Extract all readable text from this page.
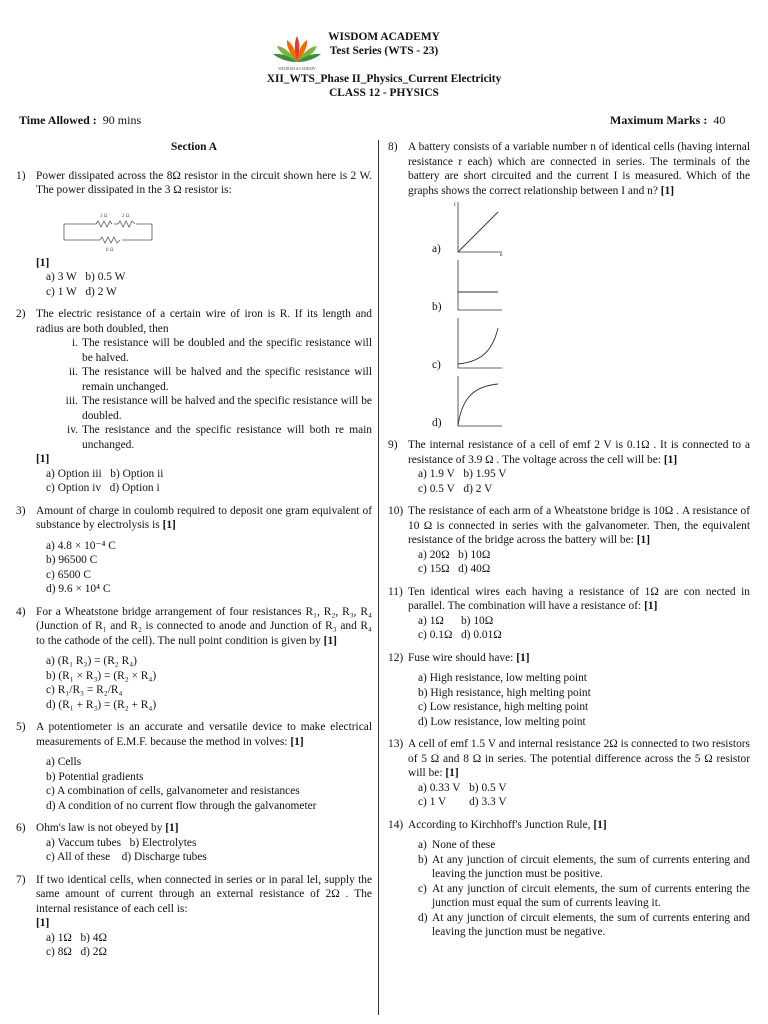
WISDOM ACADEMY
Test Series (WTS - 23)
XII_WTS_Phase II_Physics_Current Electricity
CLASS 12 - PHYSICS
WISDOM ACADEMY
Time Allowed : 90 mins	Maximum Marks : 40
Section A
1) Power dissipated across the 8Ω resistor in the circuit shown here is 2 W. The power dissipated in the 3 Ω resistor is:
3 Ω	2 Ω
8 Ω
[1]
a) 3 W b) 0.5 W
c) 1 W d) 2 W
2) The electric resistance of a certain wire of iron is R. If its length and radius are both doubled, then
i. The resistance will be doubled and the specific resistance will be halved.
ii. The resistance will be halved and the specific resistance will remain unchanged.
iii. The resistance will be halved and the specific resistance will be doubled.
iv. The resistance and the specific resistance will both re main unchanged.
[1]
a) Option iii b) Option ii
c) Option iv d) Option i
3) Amount of charge in coulomb required to deposit one gram equivalent of substance by electrolysis is [1]
a) 4.8 × 10⁻⁴ C
b) 96500 C
c) 6500 C
d) 9.6 × 10⁴ C
4) For a Wheatstone bridge arrangement of four resistances R₁, R₂, R₃, R₄ (Junction of R₁ and R₂ is connected to anode and Junction of R₃ and R₄ to the cathode of the cell). The null point condition is given by [1]
a) (R₁ R₃) = (R₂ R₄)
b) (R₁ × R₃) = (R₂ × R₄)
c) R₁/R₃ = R₂/R₄
d) (R₁ + R₃) = (R₂ + R₄)
5) A potentiometer is an accurate and versatile device to make electrical measurements of E.M.F. because the method in volves: [1]
a) Cells
b) Potential gradients
c) A combination of cells, galvanometer and resistances
d) A condition of no current flow through the galvanometer
6) Ohm's law is not obeyed by [1]
a) Vaccum tubes b) Electrolytes
c) All of these d) Discharge tubes
7) If two identical cells, when connected in series or in paral lel, supply the same amount of current through an external resistance of 2Ω . The internal resistance of each cell is:
[1]
a) 1Ω b) 4Ω
c) 8Ω d) 2Ω
8) A battery consists of a variable number n of identical cells (having internal resistance r each) which are connected in series. The terminals of the battery are short circuited and the current I is measured. Which of the graphs shows the correct relationship between I and n? [1]
a)
I
n
b)
c)
d)
9) The internal resistance of a cell of emf 2 V is 0.1Ω . It is connected to a resistance of 3.9 Ω . The voltage across the cell will be: [1]
a) 1.9 V b) 1.95 V
c) 0.5 V d) 2 V
10) The resistance of each arm of a Wheatstone bridge is 10Ω . A resistance of 10 Ω is connected in series with the galvanometer. Then, the equivalent resistance of the bridge across the battery will be: [1]
a) 20Ω b) 10Ω
c) 15Ω d) 40Ω
11) Ten identical wires each having a resistance of 1Ω are con nected in parallel. The combination will have a resistance of: [1]
a) 1Ω b) 10Ω
c) 0.1Ω d) 0.01Ω
12) Fuse wire should have: [1]
a) High resistance, low melting point
b) High resistance, high melting point
c) Low resistance, high melting point
d) Low resistance, low melting point
13) A cell of emf 1.5 V and internal resistance 2Ω is connected to two resistors of 5 Ω and 8 Ω in series. The potential difference across the 5 Ω resistor will be: [1]
a) 0.33 V b) 0.5 V
c) 1 V d) 3.3 V
14) According to Kirchhoff's Junction Rule, [1]
a) None of these
b) At any junction of circuit elements, the sum of currents entering and leaving the junction must be positive.
c) At any junction of circuit elements, the sum of currents entering the junction must equal the sum of currents leaving it.
d) At any junction of circuit elements, the sum of currents entering and leaving the junction must be negative.
